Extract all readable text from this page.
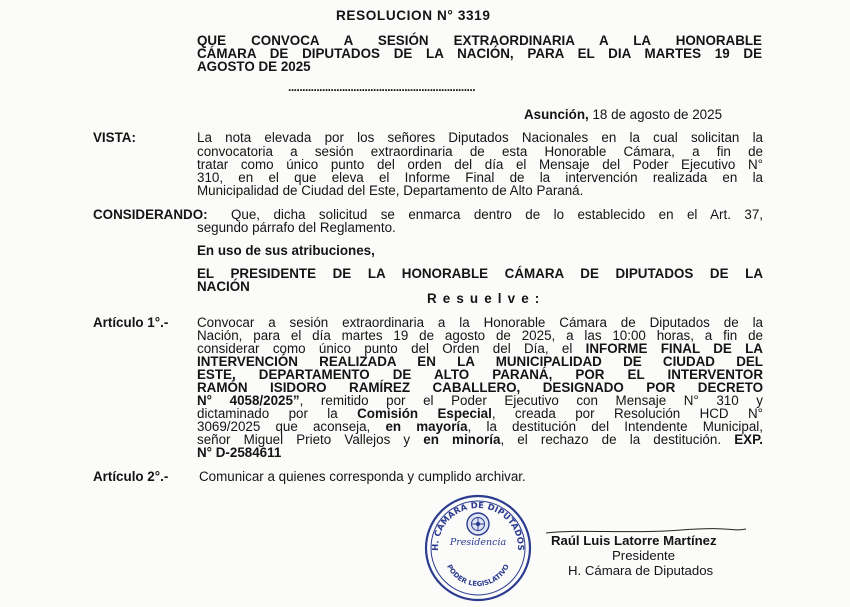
RESOLUCION N° 3319
QUE CONVOCA A SESIÓN EXTRAORDINARIA A LA HONORABLE
CÁMARA DE DIPUTADOS DE LA NACIÓN, PARA EL DIA MARTES 19 DE
AGOSTO DE 2025
..................................................................
Asunción, 18 de agosto de 2025
VISTA:	La nota elevada por los señores Diputados Nacionales en la cual solicitan la
convocatoria a sesión extraordinaria de esta Honorable Cámara, a fin de
tratar como único punto del orden del día el Mensaje del Poder Ejecutivo N°
310, en el que eleva el Informe Final de la intervención realizada en la
Municipalidad de Ciudad del Este, Departamento de Alto Paraná.
CONSIDERANDO: Que, dicha solicitud se enmarca dentro de lo establecido en el Art. 37,
segundo párrafo del Reglamento.
En uso de sus atribuciones,
EL PRESIDENTE DE LA HONORABLE CÁMARA DE DIPUTADOS DE LA
NACIÓN
R e s u e l v e :
Artículo 1°.- Convocar a sesión extraordinaria a la Honorable Cámara de Diputados de la
Nación, para el día martes 19 de agosto de 2025, a las 10:00 horas, a fin de
considerar como único punto del Orden del Día, el INFORME FINAL DE LA
INTERVENCIÓN REALIZADA EN LA MUNICIPALIDAD DE CIUDAD DEL
ESTE, DEPARTAMENTO DE ALTO PARANÁ, POR EL INTERVENTOR
RAMÓN ISIDORO RAMÍREZ CABALLERO, DESIGNADO POR DECRETO
N° 4058/2025”, remitido por el Poder Ejecutivo con Mensaje N° 310 y
dictaminado por la Comisión Especial, creada por Resolución HCD N°
3069/2025 que aconseja, en mayoría, la destitución del Intendente Municipal,
señor Miguel Prieto Vallejos y en minoría, el rechazo de la destitución. EXP.
N° D-2584611
Artículo 2°.- Comunicar a quienes corresponda y cumplido archivar.
H. CÁMARA DE DIPUTADOS
Presidencia
PODER LEGISLATIVO
Raúl Luis Latorre Martínez
Presidente
H. Cámara de Diputados
